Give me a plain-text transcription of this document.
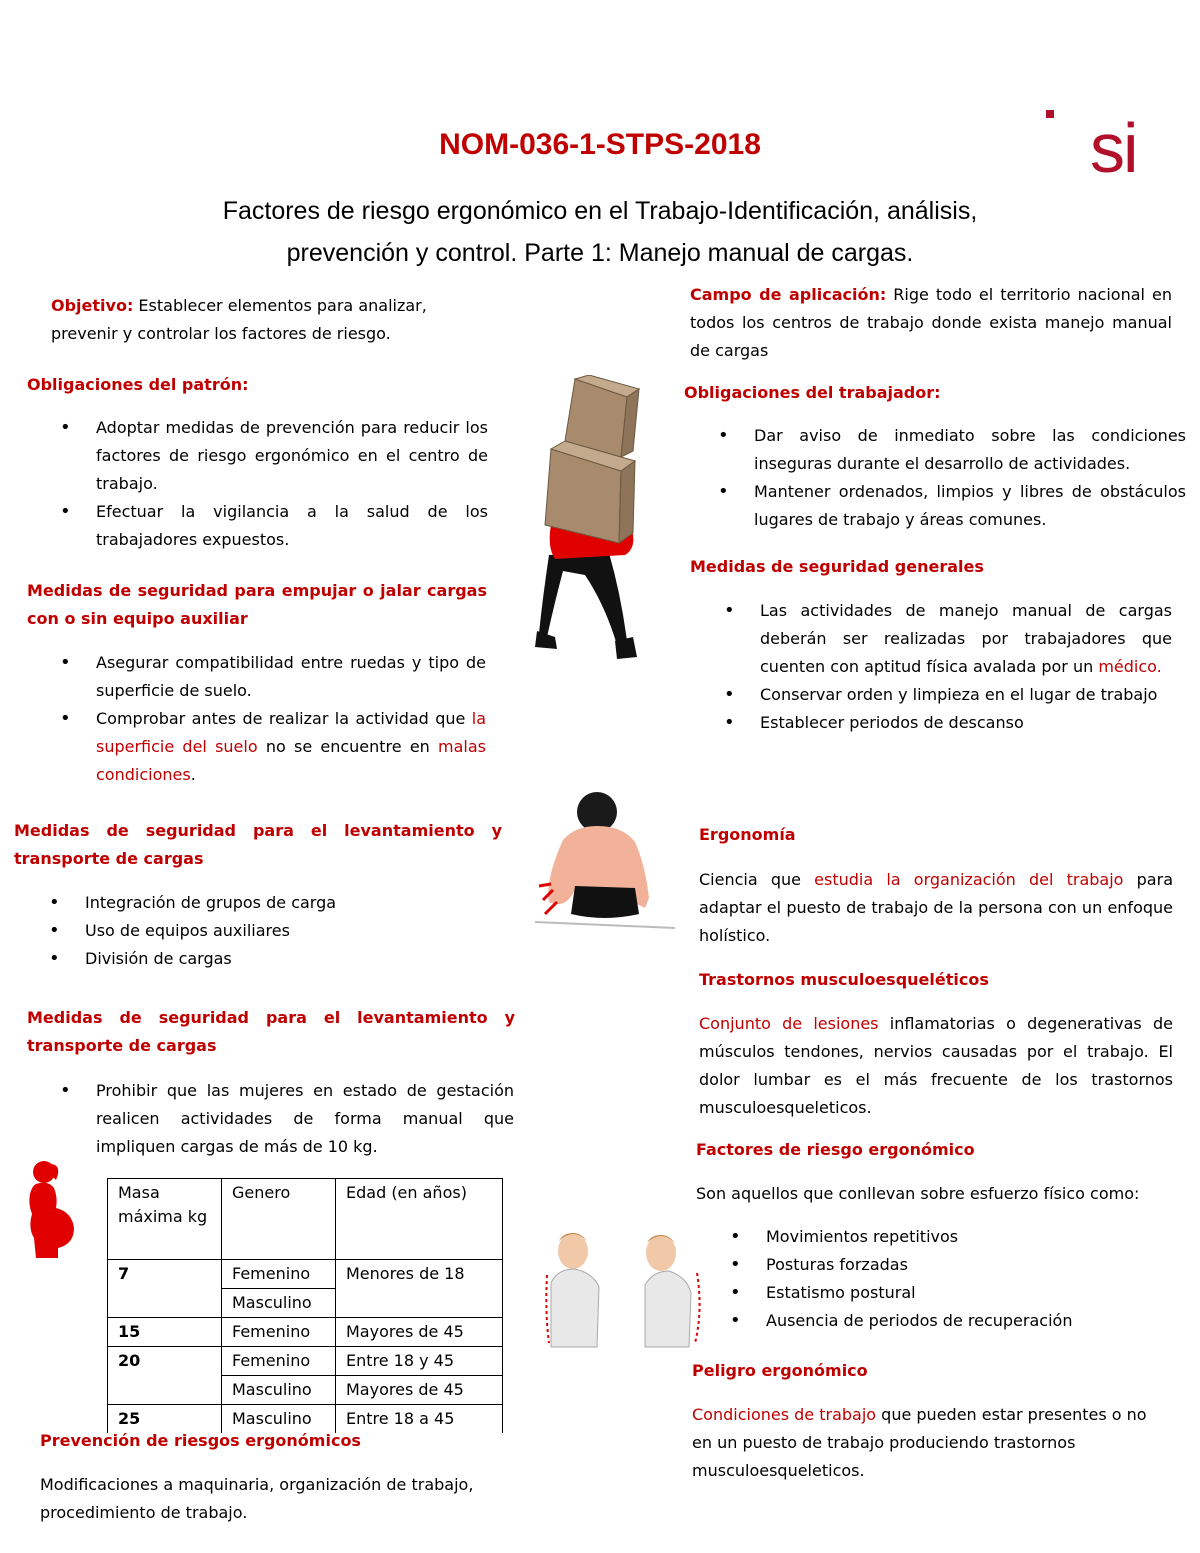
NOM-036-1-STPS-2018
Factores de riesgo ergonómico en el Trabajo-Identificación, análisis,
prevención y control. Parte 1: Manejo manual de cargas.
si
Objetivo: Establecer elementos para analizar, prevenir y controlar los factores de riesgo.
Obligaciones del patrón:
• Adoptar medidas de prevención para reducir los factores de riesgo ergonómico en el centro de trabajo.
• Efectuar la vigilancia a la salud de los trabajadores expuestos.
Medidas de seguridad para empujar o jalar cargas con o sin equipo auxiliar
• Asegurar compatibilidad entre ruedas y tipo de superficie de suelo.
• Comprobar antes de realizar la actividad que la superficie del suelo no se encuentre en malas condiciones.
Medidas de seguridad para el levantamiento y transporte de cargas
• Integración de grupos de carga
• Uso de equipos auxiliares
• División de cargas
Medidas de seguridad para el levantamiento y transporte de cargas
• Prohibir que las mujeres en estado de gestación realicen actividades de forma manual que impliquen cargas de más de 10 kg.
Masa máxima kg	Genero	Edad (en años)
7	Femenino	Menores de 18
	Masculino	
15	Femenino	Mayores de 45
20	Femenino	Entre 18 y 45
	Masculino	Mayores de 45
25	Masculino	Entre 18 a 45
Prevención de riesgos ergonómicos
Modificaciones a maquinaria, organización de trabajo, procedimiento de trabajo.
Campo de aplicación: Rige todo el territorio nacional en todos los centros de trabajo donde exista manejo manual de cargas
Obligaciones del trabajador:
• Dar aviso de inmediato sobre las condiciones inseguras durante el desarrollo de actividades.
• Mantener ordenados, limpios y libres de obstáculos lugares de trabajo y áreas comunes.
Medidas de seguridad generales
• Las actividades de manejo manual de cargas deberán ser realizadas por trabajadores que cuenten con aptitud física avalada por un médico.
• Conservar orden y limpieza en el lugar de trabajo
• Establecer periodos de descanso
Ergonomía
Ciencia que estudia la organización del trabajo para adaptar el puesto de trabajo de la persona con un enfoque holístico.
Trastornos musculoesqueléticos
Conjunto de lesiones inflamatorias o degenerativas de músculos tendones, nervios causadas por el trabajo. El dolor lumbar es el más frecuente de los trastornos musculoesqueleticos.
Factores de riesgo ergonómico
Son aquellos que conllevan sobre esfuerzo físico como:
• Movimientos repetitivos
• Posturas forzadas
• Estatismo postural
• Ausencia de periodos de recuperación
Peligro ergonómico
Condiciones de trabajo que pueden estar presentes o no en un puesto de trabajo produciendo trastornos musculoesqueleticos.
